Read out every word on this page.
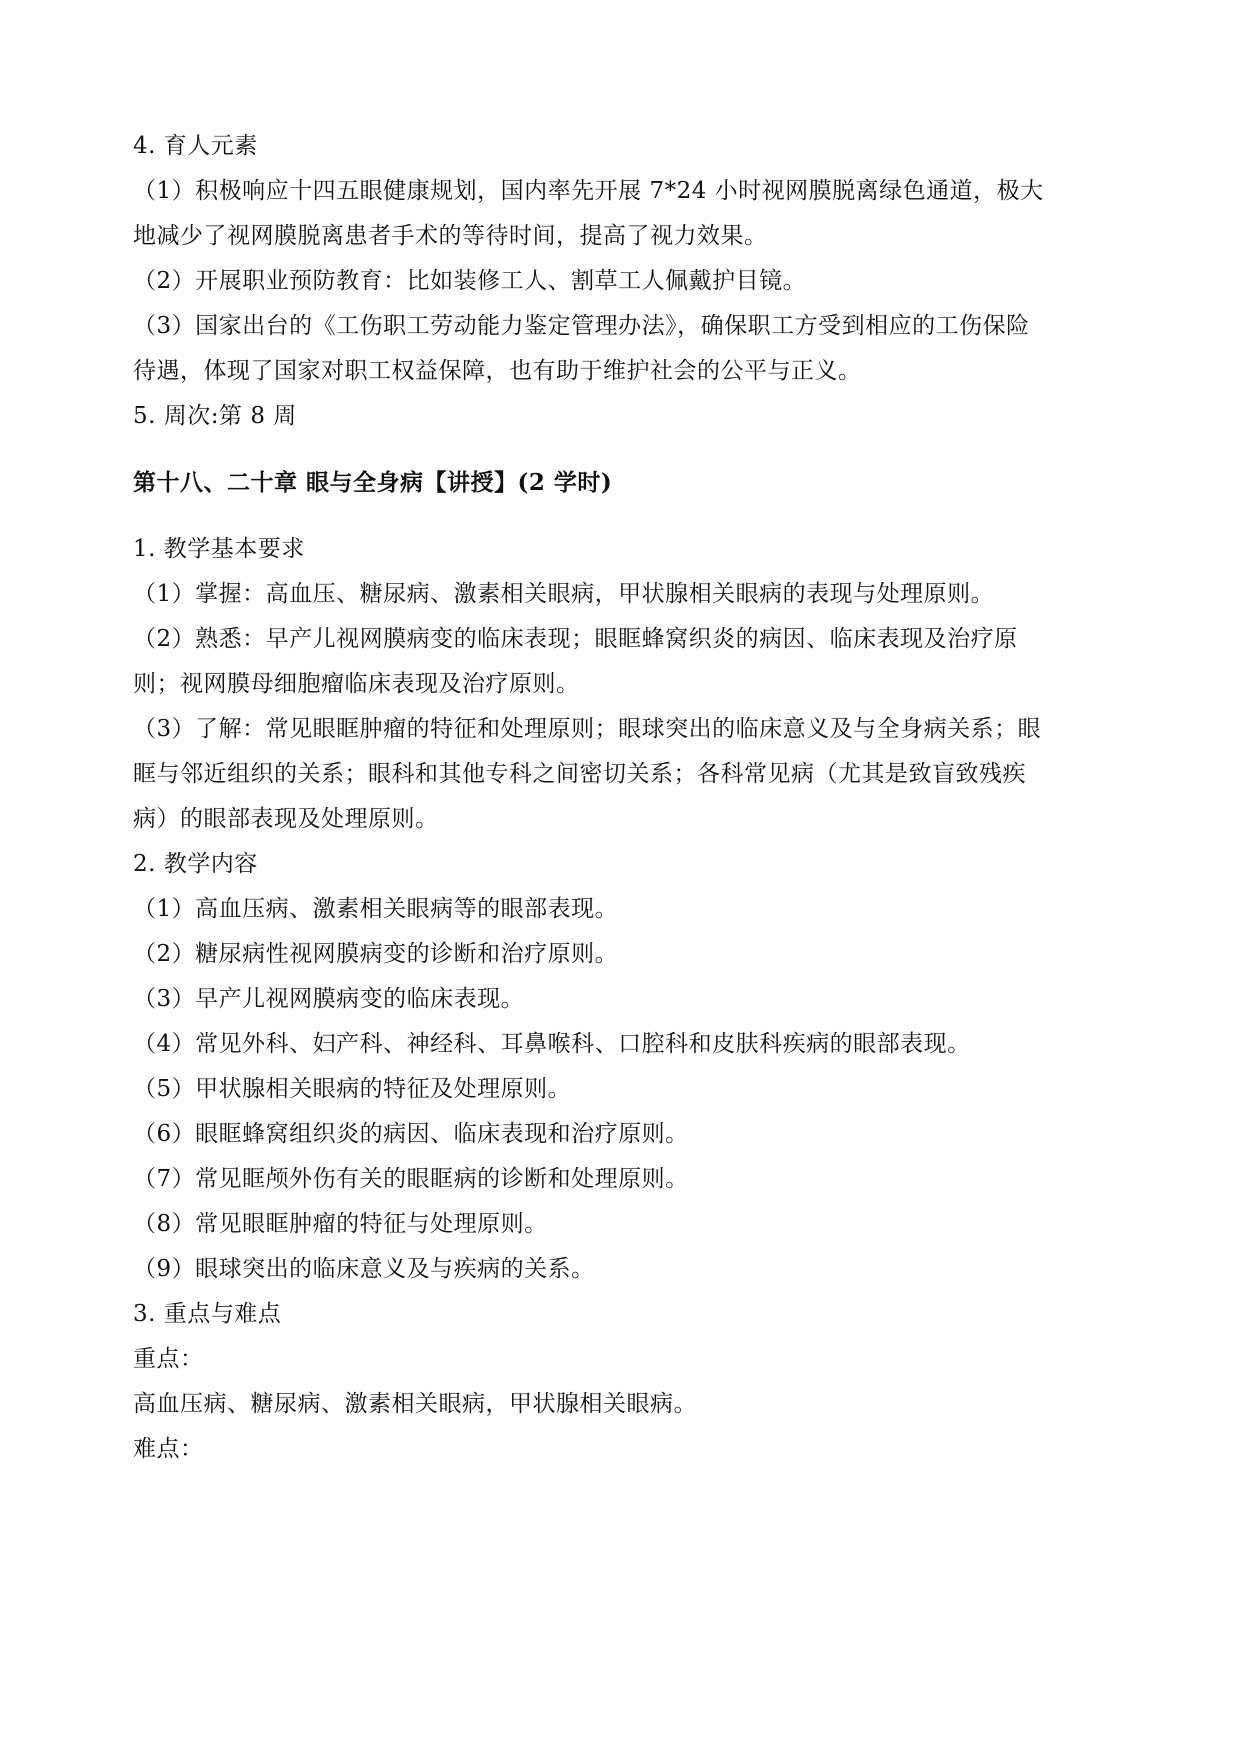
4. 育人元素
（1）积极响应十四五眼健康规划，国内率先开展 7*24 小时视网膜脱离绿色通道，极大
地减少了视网膜脱离患者手术的等待时间，提高了视力效果。
（2）开展职业预防教育：比如装修工人、割草工人佩戴护目镜。
（3）国家出台的《工伤职工劳动能力鉴定管理办法》，确保职工方受到相应的工伤保险
待遇，体现了国家对职工权益保障，也有助于维护社会的公平与正义。
5. 周次:第 8 周
第十八、二十章 眼与全身病【讲授】(2 学时)
1. 教学基本要求
（1）掌握：高血压、糖尿病、激素相关眼病，甲状腺相关眼病的表现与处理原则。
（2）熟悉：早产儿视网膜病变的临床表现；眼眶蜂窝织炎的病因、临床表现及治疗原
则；视网膜母细胞瘤临床表现及治疗原则。
（3）了解：常见眼眶肿瘤的特征和处理原则；眼球突出的临床意义及与全身病关系；眼
眶与邻近组织的关系；眼科和其他专科之间密切关系；各科常见病（尤其是致盲致残疾
病）的眼部表现及处理原则。
2. 教学内容
（1）高血压病、激素相关眼病等的眼部表现。
（2）糖尿病性视网膜病变的诊断和治疗原则。
（3）早产儿视网膜病变的临床表现。
（4）常见外科、妇产科、神经科、耳鼻喉科、口腔科和皮肤科疾病的眼部表现。
（5）甲状腺相关眼病的特征及处理原则。
（6）眼眶蜂窝组织炎的病因、临床表现和治疗原则。
（7）常见眶颅外伤有关的眼眶病的诊断和处理原则。
（8）常见眼眶肿瘤的特征与处理原则。
（9）眼球突出的临床意义及与疾病的关系。
3. 重点与难点
重点：
高血压病、糖尿病、激素相关眼病，甲状腺相关眼病。
难点：
